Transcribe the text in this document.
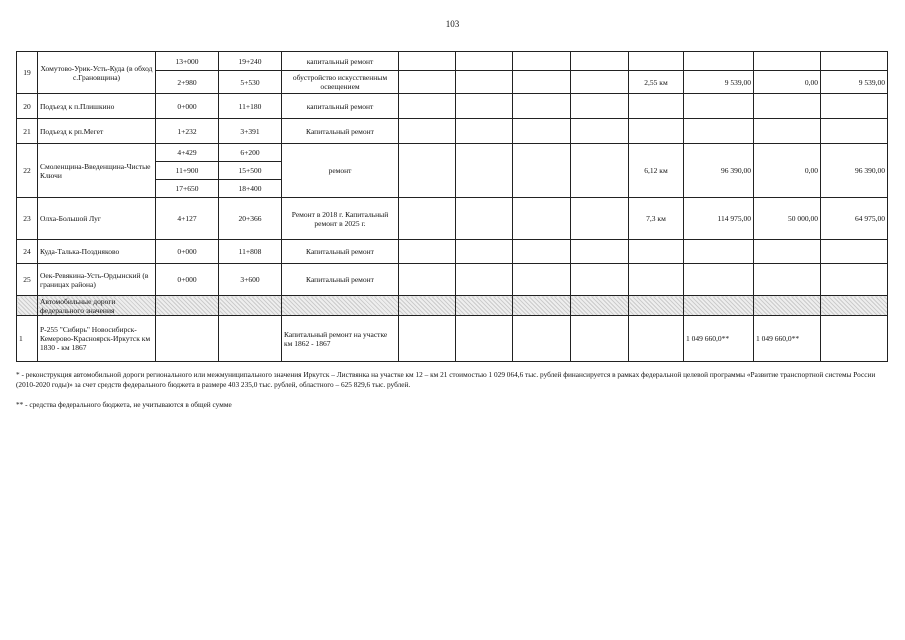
103
19	Хомутово-Урик-Усть-Куда (в обход с.Грановщина)	13+000	19+240	капитальный ремонт								
		2+980	5+530	обустройство искусственным освещением					2,55 км	9 539,00	0,00	9 539,00
20	Подъезд к п.Плишкино	0+000	11+180	капитальный ремонт								
21	Подъезд к рп.Мегет	1+232	3+391	Капитальный ремонт								
22	Смоленщина-Введенщина-Чистые Ключи	4+429	6+200	ремонт					6,12 км	96 390,00	0,00	96 390,00
		11+900	15+500									
		17+650	18+400									
23	Олха-Большой Луг	4+127	20+366	Ремонт в 2018 г. Капитальный ремонт в 2025 г.					7,3 км	114 975,00	50 000,00	64 975,00
24	Куда-Талька-Поздняково	0+000	11+808	Капитальный ремонт								
25	Оек-Ревякина-Усть-Ордынский (в границах района)	0+000	3+600	Капитальный ремонт								
	Автомобильные дороги федерального значения											
1	Р-255 "Сибирь" Новосибирск-Кемерово-Красноярск-Иркутск км 1830 - км 1867			Капитальный ремонт на участке км 1862 - 1867						1 049 660,0**	1 049 660,0**	
* - реконструкция автомобильной дороги регионального или межмуниципального значения Иркутск – Листвянка на участке км 12 – км 21 стоимостью 1 029 064,6 тыс. рублей финансируется в рамках федеральной целевой программы «Развитие транспортной системы России (2010-2020 годы)» за счет средств федерального бюджета в размере 403 235,0 тыс. рублей, областного – 625 829,6 тыс. рублей.
** - средства федерального бюджета, не учитываются в общей сумме
